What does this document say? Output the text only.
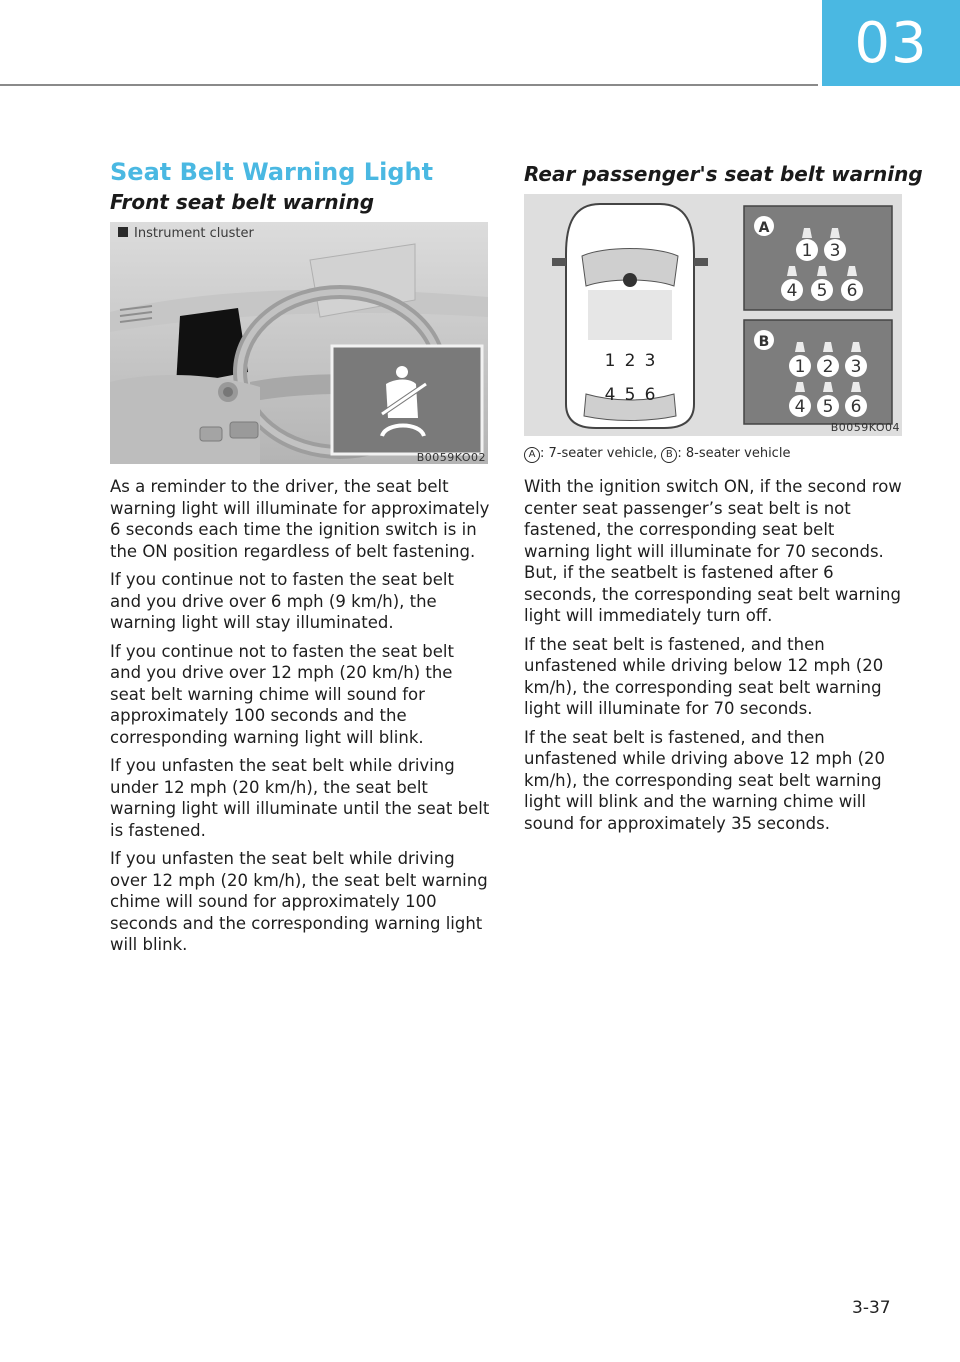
03
Seat Belt Warning Light
Front seat belt warning
Instrument cluster
B0059KO02

As a reminder to the driver, the seat belt warning light will illuminate for approximately 6 seconds each time the ignition switch is in the ON position regardless of belt fastening.

If you continue not to fasten the seat belt and you drive over 6 mph (9 km/h), the warning light will stay illuminated.

If you continue not to fasten the seat belt and you drive over 12 mph (20 km/h) the seat belt warning chime will sound for approximately 100 seconds and the corresponding warning light will blink.

If you unfasten the seat belt while driving under 12 mph (20 km/h), the seat belt warning light will illuminate until the seat belt is fastened.

If you unfasten the seat belt while driving over 12 mph (20 km/h), the seat belt warning chime will sound for approximately 100 seconds and the corresponding warning light will blink.

Rear passenger's seat belt warning
1 2 3
4 5 6
A
1 3
4 5 6
B
1 2 3
4 5 6
B0059KO04
A : 7-seater vehicle, B : 8-seater vehicle

With the ignition switch ON, if the second row center seat passenger’s seat belt is not fastened, the corresponding seat belt warning light will illuminate for 70 seconds. But, if the seatbelt is fastened after 6 seconds, the corresponding seat belt warning light will immediately turn off.

If the seat belt is fastened, and then unfastened while driving below 12 mph (20 km/h), the corresponding seat belt warning light will illuminate for 70 seconds.

If the seat belt is fastened, and then unfastened while driving above 12 mph (20 km/h), the corresponding seat belt warning light will blink and the warning chime will sound for approximately 35 seconds.

3-37
